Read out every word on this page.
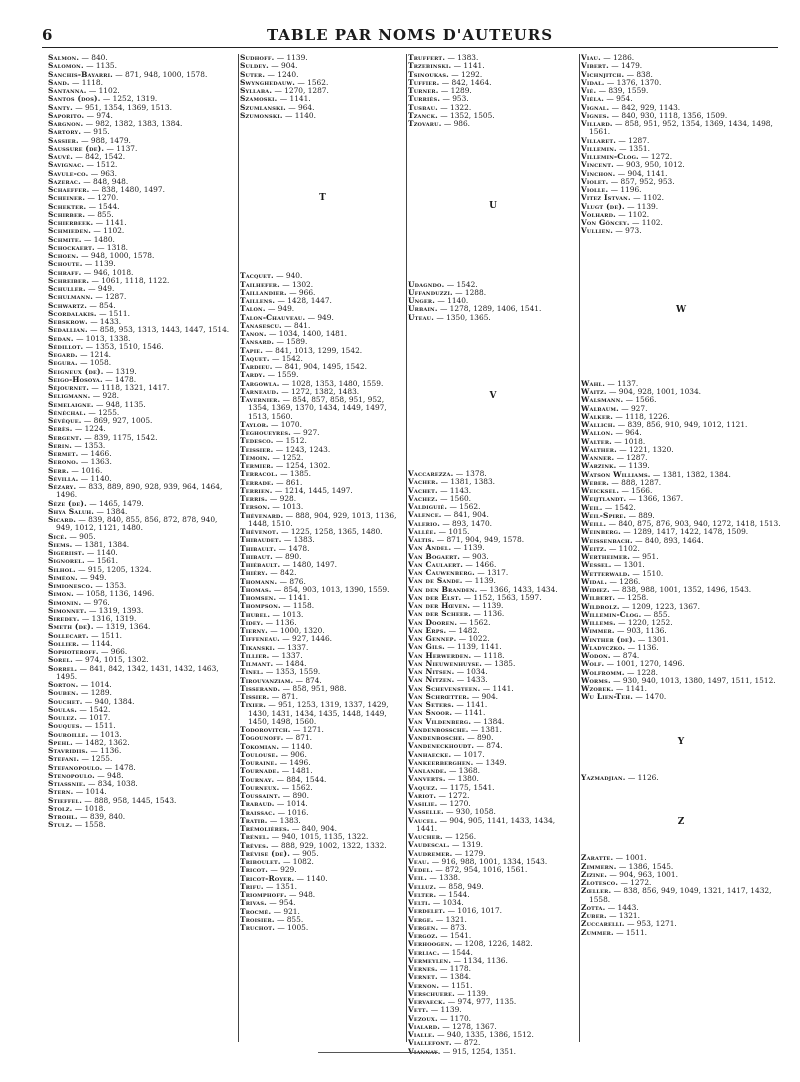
6	TABLE PAR NOMS D'AUTEURS
Salmon. — 840.
Salomon. — 1135.
Sanchis-Bayarri. — 871, 948, 1000, 1578.
Sand. — 1118.
Santanna. — 1102.
Santos (dos). — 1252, 1319.
Santy. — 951, 1354, 1369, 1513.
Saporito. — 974.
Sargnon. — 982, 1382, 1383, 1384.
Sartory. — 915.
Sassier. — 988, 1479.
Saussure (de). — 1137.
Sauvé. — 842, 1542.
Savignac. — 1512.
Savule-co. — 963.
Sazerac. — 848, 948.
Schaeffer. — 838, 1480, 1497.
Scheiner. — 1270.
Schekter. — 1544.
Schirber. — 855.
Schierbeek. — 1141.
Schmieden. — 1102.
Schmite. — 1480.
Schockaert. — 1318.
Schoen. — 948, 1000, 1578.
Schoute. — 1139.
Schraff. — 946, 1018.
Schreiber. — 1061, 1118, 1122.
Schuller. — 949.
Schulmann. — 1287.
Schwartz. — 854.
Scordalakis. — 1511.
Sebskrow. — 1433.
Sedallian. — 858, 953, 1313, 1443, 1447, 1514.
Sedan. — 1013, 1338.
Sédillot. — 1353, 1510, 1546.
Segard. — 1214.
Segura. — 1058.
Seigneux (de). — 1319.
Seigo-Hosoya. — 1478.
Séjournet. — 1118, 1321, 1417.
Seligmann. — 928.
Semelaigne. — 948, 1135.
Sénéchal. — 1255.
Sévêque. — 869, 927, 1005.
Serès. — 1224.
Sergent. — 839, 1175, 1542.
Serin. — 1353.
Sermet. — 1466.
Serono. — 1363.
Serr. — 1016.
Sévilla. — 1140.
Sézary. — 833, 889, 890, 928, 939, 964, 1464, 1496.
Sèze (de). — 1465, 1479.
Shya Saluh. — 1384.
Sicard. — 839, 840, 855, 856, 872, 878, 940, 949, 1012, 1121, 1480.
Sicé. — 905.
Siems. — 1381, 1384.
Sigeriist. — 1140.
Signorel. — 1561.
Silhol. — 915, 1205, 1324.
Siméon. — 949.
Simionesco. — 1353.
Simon. — 1058, 1136, 1496.
Simonin. — 976.
Simonnet. — 1319, 1393.
Siredey. — 1316, 1319.
Smeth (de). — 1319, 1364.
Sollecart. — 1511.
Sollier. — 1144.
Sophoteroff. — 966.
Sorel. — 974, 1015, 1302.
Sorrel. — 841, 842, 1342, 1431, 1432, 1463, 1495.
Sorton. — 1014.
Souben. — 1289.
Souchet. — 940, 1384.
Soulas. — 1542.
Soulez. — 1017.
Souques. — 1511.
Souroille. — 1013.
Spehl. — 1482, 1362.
Stavridiis. — 1136.
Stefani. — 1255.
Stefanopoulo. — 1478.
Stenopoulo. — 948.
Stiassnie. — 834, 1038.
Stern. — 1014.
Stieffel. — 888, 958, 1445, 1543.
Stolz. — 1018.
Strohl. — 839, 840.
Stulz. — 1558.
Sudhoff. — 1139.
Suldey. — 904.
Suter. — 1240.
Swynghedauw. — 1562.
Syllaba. — 1270, 1287.
Szamoski. — 1141.
Szumlanski. — 964.
Szumonski. — 1140.
T
Tacquet. — 940.
Tailhefer. — 1302.
Taillandier. — 966.
Taillens. — 1428, 1447.
Talon. — 949.
Talon-Chauveau. — 949.
Tanasescu. — 841.
Tanon. — 1034, 1400, 1481.
Tansard. — 1589.
Tapie. — 841, 1013, 1299, 1542.
Taquet. — 1542.
Tardieu. — 841, 904, 1495, 1542.
Tardy. — 1559.
Targowla. — 1028, 1353, 1480, 1559.
Tarneaud. — 1272, 1382, 1483.
Tavernier. — 854, 857, 858, 951, 952, 1354, 1369, 1370, 1434, 1449, 1497, 1513, 1560.
Taylor. — 1070.
Teghoueyres. — 927.
Tedesco. — 1512.
Teissier. — 1243, 1243.
Témoin. — 1252.
Termier. — 1254, 1302.
Terracol. — 1385.
Terrade. — 861.
Terrien. — 1214, 1445, 1497.
Terris. — 928.
Terson. — 1013.
Thévenard. — 888, 904, 929, 1013, 1136, 1448, 1510.
Thévenot. — 1225, 1258, 1365, 1480.
Thibaudet. — 1383.
Thibault. — 1478.
Thibaut. — 890.
Thiébault. — 1480, 1497.
Thiéry. — 842.
Thomann. — 876.
Thomas. — 854, 903, 1013, 1390, 1559.
Thomsen. — 1141.
Thompson. — 1158.
Thubel. — 1013.
Tidey. — 1136.
Tierny. — 1000, 1320.
Tiffeneau. — 927, 1446.
Tikanski. — 1337.
Tillier. — 1337.
Tilmant. — 1484.
Tinel. — 1353, 1559.
Tirouvanziam. — 874.
Tisserand. — 858, 951, 988.
Tissier. — 871.
Tixier. — 951, 1253, 1319, 1337, 1429, 1430, 1431, 1434, 1435, 1448, 1449, 1450, 1498, 1560.
Todorovitch. — 1271.
Togounoff. — 871.
Tokomian. — 1140.
Toulouse. — 906.
Touraine. — 1496.
Tournade. — 1481.
Tournay. — 884, 1544.
Tourneux. — 1562.
Toussaint. — 890.
Trabaud. — 1014.
Traissac. — 1016.
Tratib. — 1383.
Trémolières. — 840, 904.
Trénel. — 940, 1015, 1135, 1322.
Trêves. — 888, 929, 1002, 1322, 1332.
Trévise (de). — 905.
Triboulet. — 1082.
Tricot. — 929.
Tricot-Royer. — 1140.
Trifu. — 1351.
Triomphoff. — 948.
Trivas. — 954.
Trocmé. — 921.
Troisier. — 855.
Truchot. — 1005.
Truffert. — 1383.
Trzebinski. — 1141.
Tsinoukas. — 1292.
Tuffier. — 842, 1464.
Turner. — 1289.
Turriès. — 953.
Tusbau. — 1322.
Tzanck. — 1352, 1505.
Tzovaru. — 986.
U
Udagndo. — 1542.
Uffanduzzi. — 1288.
Unger. — 1140.
Urbain. — 1278, 1289, 1406, 1541.
Uteau. — 1350, 1365.
V
Vaccarezza. — 1378.
Vacher. — 1381, 1383.
Vachet. — 1143.
Vachez. — 1560.
Valdiguié. — 1562.
Valence. — 841, 904.
Valerio. — 893, 1470.
Vallée. — 1015.
Valtis. — 871, 904, 949, 1578.
Van Andel. — 1139.
Van Bogaert. — 903.
Van Caulaert. — 1466.
Van Cauwenberg. — 1317.
Van de Sande. — 1139.
Van den Branden. — 1366, 1433, 1434.
Van der Elst. — 1152, 1563, 1597.
Van der Hœven. — 1139.
Van der Scheer. — 1136.
Van Dooren. — 1562.
Van Erps. — 1482.
Van Gennep. — 1022.
Van Gils. — 1139, 1141.
Van Herwerden. — 1118.
Van Nieuwenhuyse. — 1385.
Van Nitsen. — 1034.
Van Nitzen. — 1433.
Van Schevensteen. — 1141.
Van Schrœtter. — 904.
Van Seters. — 1141.
Van Snoor. — 1141.
Van Vildenberg. — 1384.
Vandenbossche. — 1381.
Vandenbosche. — 890.
Vandeneckhoudt. — 874.
Vanhaecke. — 1017.
Vankeerberghen. — 1349.
Vanlande. — 1368.
Vanverts. — 1380.
Vaquez. — 1175, 1541.
Variot. — 1272.
Vasilie. — 1270.
Vasselle. — 930, 1058.
Vaucel. — 904, 905, 1141, 1433, 1434, 1441.
Vaucher. — 1256.
Vaudescal. — 1319.
Vaudremer. — 1279.
Veau. — 916, 988, 1001, 1334, 1543.
Vedel. — 872, 954, 1016, 1561.
Veil. — 1338.
Velluz. — 858, 949.
Velter. — 1544.
Velti. — 1034.
Verdelet. — 1016, 1017.
Verge. — 1321.
Vergen. — 873.
Vergoz. — 1541.
Verhoogen. — 1208, 1226, 1482.
Verliac. — 1544.
Vermeylen. — 1134, 1136.
Vernes. — 1178.
Vernet. — 1384.
Vernon. — 1151.
Verschuere. — 1139.
Vervaeck. — 974, 977, 1135.
Vett. — 1139.
Vezoux. — 1170.
Vialard. — 1278, 1367.
Vialle. — 940, 1335, 1386, 1512.
Viallefont. — 872.
Viannay. — 915, 1254, 1351.
Viau. — 1286.
Vibert. — 1479.
Vichnjitch. — 838.
Vidal. — 1376, 1370.
Vié. — 839, 1559.
Viéla. — 954.
Vignal. — 842, 929, 1143.
Vignes. — 840, 930, 1118, 1356, 1509.
Villard. — 858, 951, 952, 1354, 1369, 1434, 1498, 1561.
Villaret. — 1287.
Villemin. — 1351.
Villemin-Clog. — 1272.
Vincent. — 903, 950, 1012.
Vinchon. — 904, 1141.
Violet. — 857, 952, 953.
Violle. — 1196.
Vitez Istvan. — 1102.
Vlugt (de). — 1139.
Volhard. — 1102.
Von Göncey. — 1102.
Vullien. — 973.
W
Wahl. — 1137.
Waitz. — 904, 928, 1001, 1034.
Walsmann. — 1566.
Walbaum. — 927.
Walker. — 1118, 1226.
Wallich. — 839, 856, 910, 949, 1012, 1121.
Wallon. — 964.
Walter. — 1018.
Walther. — 1221, 1320.
Wanner. — 1287.
Warzink. — 1139.
Watson Williams. — 1381, 1382, 1384.
Weber. — 888, 1287.
Weicksel. — 1566.
Weijtlandt. — 1366, 1367.
Weil. — 1542.
Weil-Spire. — 889.
Weill. — 840, 875, 876, 903, 940, 1272, 1418, 1513.
Weinberg. — 1289, 1417, 1422, 1478, 1509.
Weissenbach. — 840, 893, 1464.
Weitz. — 1102.
Wertheimer. — 951.
Wessel. — 1301.
Wetterwald. — 1510.
Widal. — 1286.
Widiez. — 838, 988, 1001, 1352, 1496, 1543.
Wilbert. — 1258.
Wildbolz. — 1209, 1223, 1367.
Willemin-Clog. — 855.
Willems. — 1220, 1252.
Wimmer. — 903, 1136.
Winther (de). — 1301.
Wladyczko. — 1136.
Wodon. — 874.
Wolf. — 1001, 1270, 1496.
Wolfromm. — 1228.
Worms. — 930, 940, 1013, 1380, 1497, 1511, 1512.
Wzobek. — 1141.
Wu Lien-Teh. — 1470.
Y
Yazmadjian. — 1126.
Z
Zaratte. — 1001.
Zimmern. — 1386, 1545.
Zizine. — 904, 963, 1001.
Zlotesco. — 1272.
Zœller. — 838, 856, 949, 1049, 1321, 1417, 1432, 1558.
Zotta. — 1443.
Zuber. — 1321.
Zuccarelli. — 953, 1271.
Zummer. — 1511.
